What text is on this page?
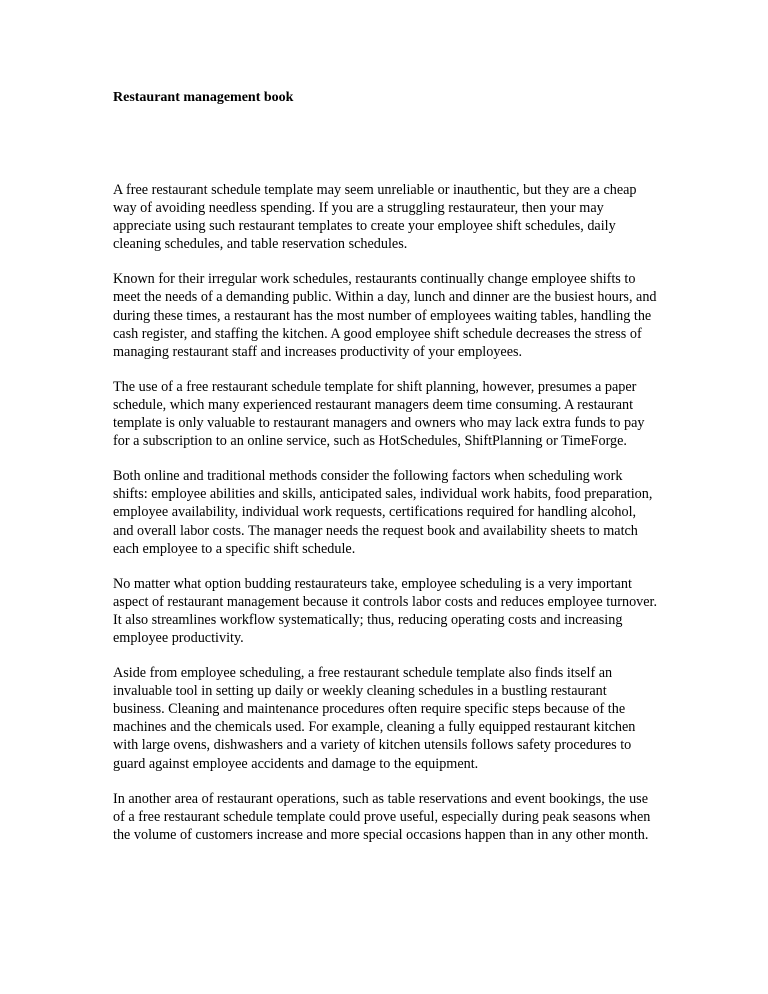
Restaurant management book

A free restaurant schedule template may seem unreliable or inauthentic, but they are a cheap way of avoiding needless spending. If you are a struggling restaurateur, then your may appreciate using such restaurant templates to create your employee shift schedules, daily cleaning schedules, and table reservation schedules.

Known for their irregular work schedules, restaurants continually change employee shifts to meet the needs of a demanding public. Within a day, lunch and dinner are the busiest hours, and during these times, a restaurant has the most number of employees waiting tables, handling the cash register, and staffing the kitchen. A good employee shift schedule decreases the stress of managing restaurant staff and increases productivity of your employees.

The use of a free restaurant schedule template for shift planning, however, presumes a paper schedule, which many experienced restaurant managers deem time consuming. A restaurant template is only valuable to restaurant managers and owners who may lack extra funds to pay for a subscription to an online service, such as HotSchedules, ShiftPlanning or TimeForge.

Both online and traditional methods consider the following factors when scheduling work shifts: employee abilities and skills, anticipated sales, individual work habits, food preparation, employee availability, individual work requests, certifications required for handling alcohol, and overall labor costs. The manager needs the request book and availability sheets to match each employee to a specific shift schedule.

No matter what option budding restaurateurs take, employee scheduling is a very important aspect of restaurant management because it controls labor costs and reduces employee turnover. It also streamlines workflow systematically; thus, reducing operating costs and increasing employee productivity.

Aside from employee scheduling, a free restaurant schedule template also finds itself an invaluable tool in setting up daily or weekly cleaning schedules in a bustling restaurant business. Cleaning and maintenance procedures often require specific steps because of the machines and the chemicals used. For example, cleaning a fully equipped restaurant kitchen with large ovens, dishwashers and a variety of kitchen utensils follows safety procedures to guard against employee accidents and damage to the equipment.

In another area of restaurant operations, such as table reservations and event bookings, the use of a free restaurant schedule template could prove useful, especially during peak seasons when the volume of customers increase and more special occasions happen than in any other month.
